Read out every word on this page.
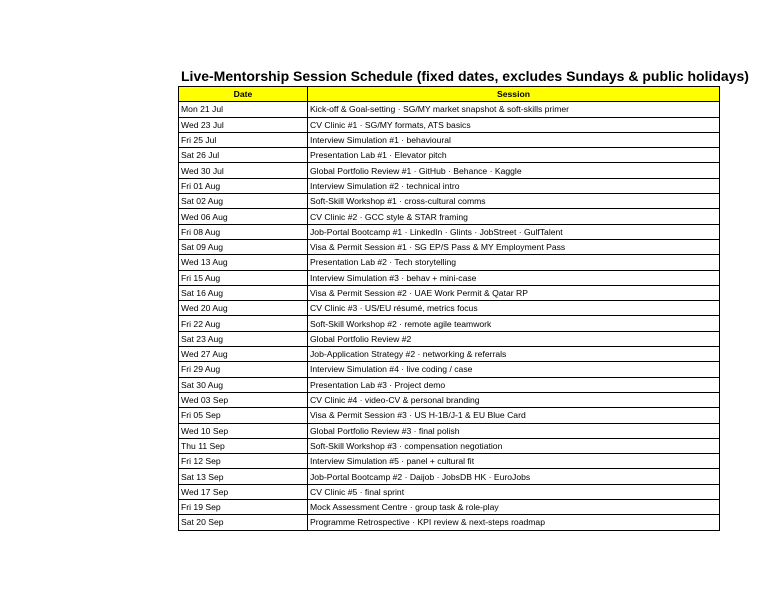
Live-Mentorship Session Schedule (fixed dates, excludes Sundays & public holidays)
Date	Session
Mon 21 Jul	Kick-off & Goal-setting · SG/MY market snapshot & soft-skills primer
Wed 23 Jul	CV Clinic #1 · SG/MY formats, ATS basics
Fri 25 Jul	Interview Simulation #1 · behavioural
Sat 26 Jul	Presentation Lab #1 · Elevator pitch
Wed 30 Jul	Global Portfolio Review #1 · GitHub · Behance · Kaggle
Fri 01 Aug	Interview Simulation #2 · technical intro
Sat 02 Aug	Soft-Skill Workshop #1 · cross-cultural comms
Wed 06 Aug	CV Clinic #2 · GCC style & STAR framing
Fri 08 Aug	Job-Portal Bootcamp #1 · LinkedIn · Glints · JobStreet · GulfTalent
Sat 09 Aug	Visa & Permit Session #1 · SG EP/S Pass & MY Employment Pass
Wed 13 Aug	Presentation Lab #2 · Tech storytelling
Fri 15 Aug	Interview Simulation #3 · behav + mini-case
Sat 16 Aug	Visa & Permit Session #2 · UAE Work Permit & Qatar RP
Wed 20 Aug	CV Clinic #3 · US/EU résumé, metrics focus
Fri 22 Aug	Soft-Skill Workshop #2 · remote agile teamwork
Sat 23 Aug	Global Portfolio Review #2
Wed 27 Aug	Job-Application Strategy #2 · networking & referrals
Fri 29 Aug	Interview Simulation #4 · live coding / case
Sat 30 Aug	Presentation Lab #3 · Project demo
Wed 03 Sep	CV Clinic #4 · video-CV & personal branding
Fri 05 Sep	Visa & Permit Session #3 · US H-1B/J-1 & EU Blue Card
Wed 10 Sep	Global Portfolio Review #3 · final polish
Thu 11 Sep	Soft-Skill Workshop #3 · compensation negotiation
Fri 12 Sep	Interview Simulation #5 · panel + cultural fit
Sat 13 Sep	Job-Portal Bootcamp #2 · Daijob · JobsDB HK · EuroJobs
Wed 17 Sep	CV Clinic #5 · final sprint
Fri 19 Sep	Mock Assessment Centre · group task & role-play
Sat 20 Sep	Programme Retrospective · KPI review & next-steps roadmap
